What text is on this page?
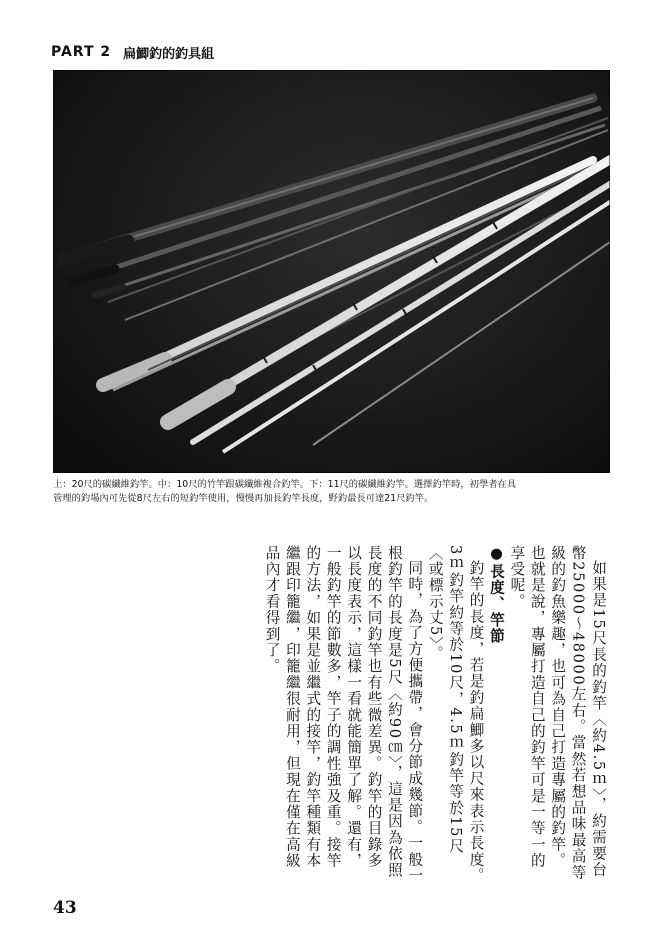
PART 2 扁鯽釣的釣具組

上：20尺的碳纖維釣竿。中：10尺的竹竿跟碳纖維複合釣竿。下：11尺的碳纖維釣竿。選擇釣竿時，初學者在具

管理的釣場內可先從8尺左右的短釣竿使用，慢慢再加長釣竿長度，野釣最長可達21尺釣竿。

如果是15尺長的釣竿〈約4.5ｍ〉，約需要台幣25000～48000左右。當然若想品味最高等級的釣魚樂趣，也可為自己打造專屬的釣竿。也就是說，專屬打造自己的釣竿可是一等一的享受呢。

●長度、竿節

釣竿的長度，若是釣扁鯽多以尺來表示長度。3ｍ釣竿約等於10尺，4.5ｍ釣竿等於15尺〈或標示丈5〉。

同時，為了方便攜帶，會分節成幾節。一般一根釣竿的長度是5尺〈約90㎝〉，這是因為依照長度的不同釣竿也有些微差異。釣竿的目錄多以長度表示，這樣一看就能簡單了解。還有，一般釣竿的節數多，竿子的調性強及重。接竿的方法，如果是並繼式的接竿，釣竿種類有本繼跟印籠繼，印籠繼很耐用，但現在僅在高級品內才看得到了。

43
